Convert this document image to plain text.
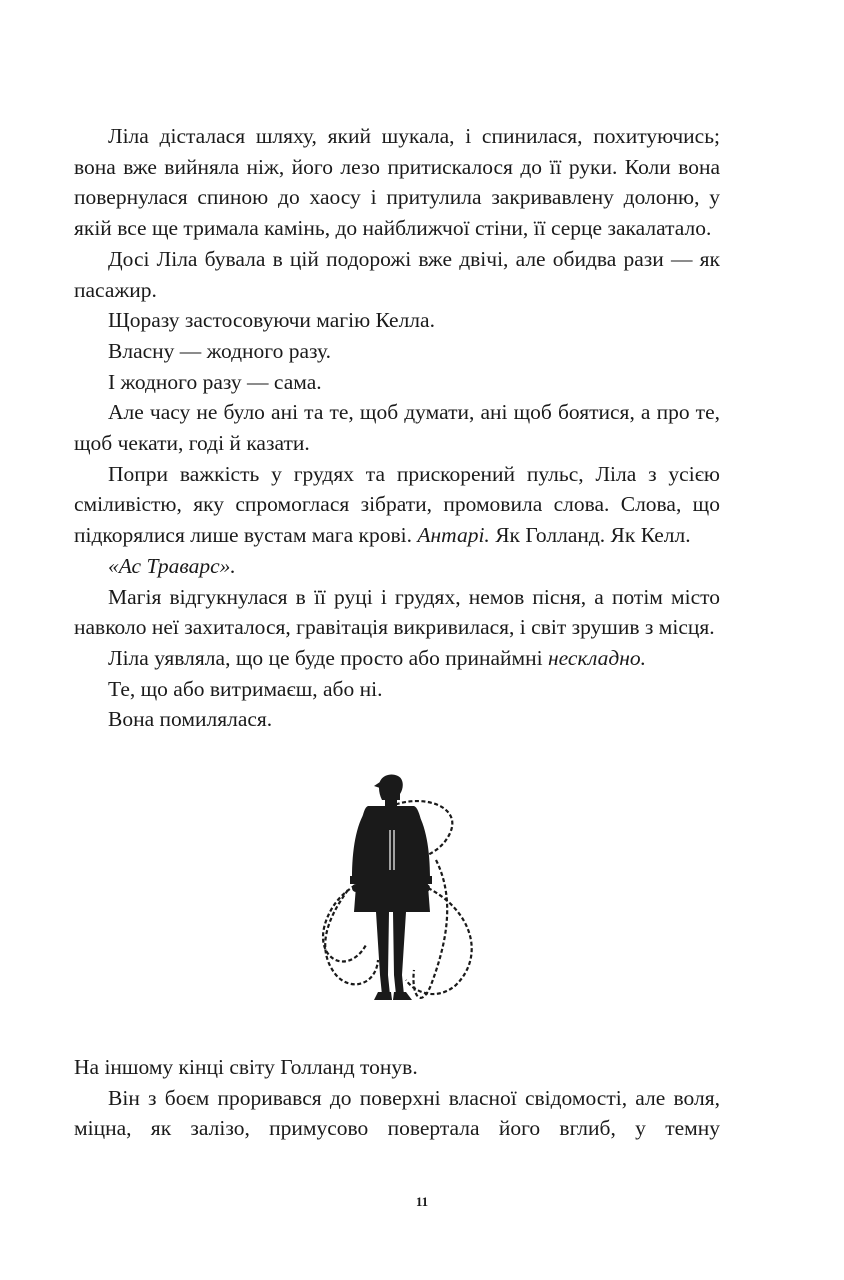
Ліла дісталася шляху, який шукала, і спинилася, похитуючись; вона вже вийняла ніж, його лезо притискалося до її руки. Коли вона повернулася спиною до хаосу і притулила закривавлену долоню, у якій все ще тримала камінь, до найближчої стіни, її серце закалатало.

Досі Ліла бувала в цій подорожі вже двічі, але обидва рази — як пасажир.

Щоразу застосовуючи магію Келла.

Власну — жодного разу.

І жодного разу — сама.

Але часу не було ані та те, щоб думати, ані щоб боятися, а про те, щоб чекати, годі й казати.

Попри важкість у грудях та прискорений пульс, Ліла з усією сміливістю, яку спромоглася зібрати, промовила слова. Слова, що підкорялися лише вустам мага крові. Антарі. Як Голланд. Як Келл.

«Ас Траварс».

Магія відгукнулася в її руці і грудях, немов пісня, а потім місто навколо неї захиталося, гравітація викривилася, і світ зрушив з місця.

Ліла уявляла, що це буде просто або принаймні нескладно.

Те, що або витримаєш, або ні.

Вона помилялася.

На іншому кінці світу Голланд тонув.

Він з боєм проривався до поверхні власної свідомості, але воля, міцна, як залізо, примусово повертала його вглиб, у темну

11
